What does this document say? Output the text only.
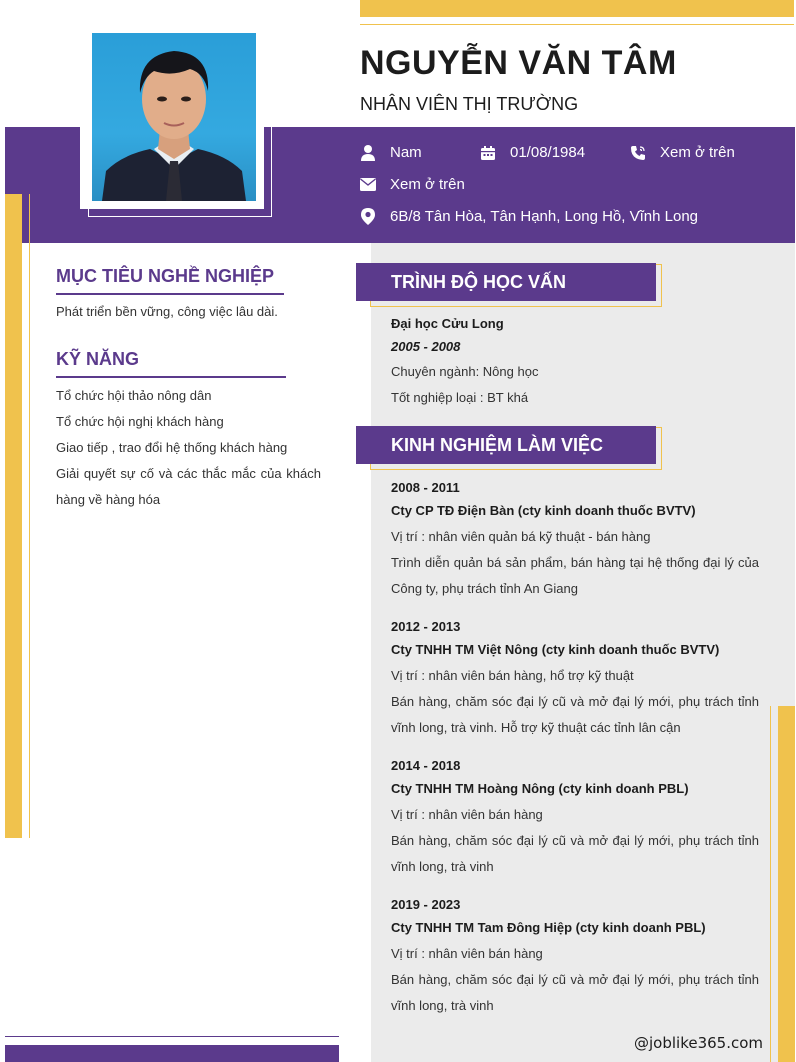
NGUYỄN VĂN TÂM
NHÂN VIÊN THỊ TRƯỜNG
Nam	01/08/1984	Xem ở trên
Xem ở trên
6B/8 Tân Hòa, Tân Hạnh, Long Hồ, Vĩnh Long
MỤC TIÊU NGHỀ NGHIỆP
Phát triển bền vững, công việc lâu dài.
KỸ NĂNG
Tổ chức hội thảo nông dân
Tổ chức hội nghị khách hàng
Giao tiếp , trao đổi hệ thống khách hàng
Giải quyết sự cố và các thắc mắc của khách hàng về hàng hóa
TRÌNH ĐỘ HỌC VẤN
Đại học Cửu Long
2005 - 2008
Chuyên ngành: Nông học
Tốt nghiệp loại : BT khá
KINH NGHIỆM LÀM VIỆC
2008 - 2011
Cty CP TĐ Điện Bàn (cty kinh doanh thuốc BVTV)
Vị trí : nhân viên quản bá kỹ thuật - bán hàng
Trình diễn quản bá sản phẩm, bán hàng tại hệ thống đại lý của Công ty, phụ trách tỉnh An Giang
2012 - 2013
Cty TNHH TM Việt Nông (cty kinh doanh thuốc BVTV)
Vị trí : nhân viên bán hàng, hổ trợ kỹ thuật
Bán hàng, chăm sóc đại lý cũ và mở đại lý mới, phụ trách tỉnh vĩnh long, trà vinh. Hỗ trợ kỹ thuật các tỉnh lân cận
2014 - 2018
Cty TNHH TM Hoàng Nông (cty kinh doanh PBL)
Vị trí : nhân viên bán hàng
Bán hàng, chăm sóc đại lý cũ và mở đại lý mới, phụ trách tỉnh vĩnh long, trà vinh
2019 - 2023
Cty TNHH TM Tam Đông Hiệp (cty kinh doanh PBL)
Vị trí : nhân viên bán hàng
Bán hàng, chăm sóc đại lý cũ và mở đại lý mới, phụ trách tỉnh vĩnh long, trà vinh
@joblike365.com
